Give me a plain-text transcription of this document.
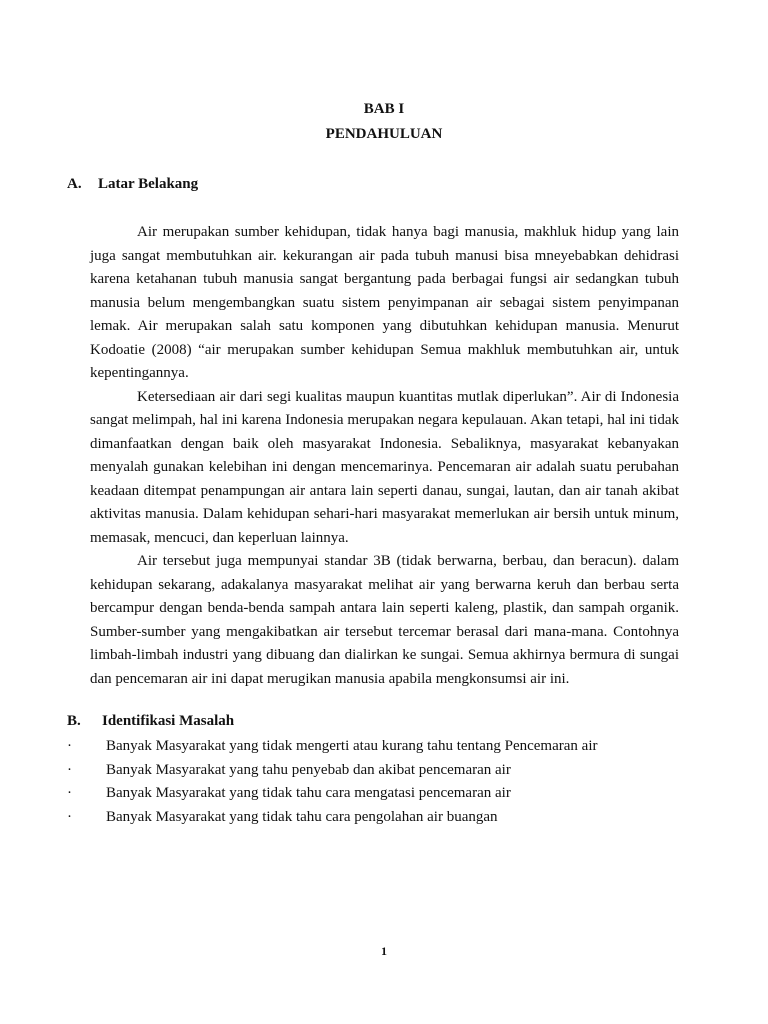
BAB I
PENDAHULUAN
A. Latar Belakang

Air merupakan sumber kehidupan, tidak hanya bagi manusia, makhluk hidup yang lain juga sangat membutuhkan air. kekurangan air pada tubuh manusi bisa mneyebabkan dehidrasi karena ketahanan tubuh manusia sangat bergantung pada berbagai fungsi air sedangkan tubuh manusia belum mengembangkan suatu sistem penyimpanan air sebagai sistem penyimpanan lemak. Air merupakan salah satu komponen yang dibutuhkan kehidupan manusia. Menurut Kodoatie (2008) “air merupakan sumber kehidupan Semua makhluk membutuhkan air, untuk kepentingannya.

Ketersediaan air dari segi kualitas maupun kuantitas mutlak diperlukan”. Air di Indonesia sangat melimpah, hal ini karena Indonesia merupakan negara kepulauan. Akan tetapi, hal ini tidak dimanfaatkan dengan baik oleh masyarakat Indonesia. Sebaliknya, masyarakat kebanyakan menyalah gunakan kelebihan ini dengan mencemarinya. Pencemaran air adalah suatu perubahan keadaan ditempat penampungan air antara lain seperti danau, sungai, lautan, dan air tanah akibat aktivitas manusia. Dalam kehidupan sehari-hari masyarakat memerlukan air bersih untuk minum, memasak, mencuci, dan keperluan lainnya.

Air tersebut juga mempunyai standar 3B (tidak berwarna, berbau, dan beracun). dalam kehidupan sekarang, adakalanya masyarakat melihat air yang berwarna keruh dan berbau serta bercampur dengan benda-benda sampah antara lain seperti kaleng, plastik, dan sampah organik. Sumber-sumber yang mengakibatkan air tersebut tercemar berasal dari mana-mana. Contohnya limbah-limbah industri yang dibuang dan dialirkan ke sungai. Semua akhirnya bermura di sungai dan pencemaran air ini dapat merugikan manusia apabila mengkonsumsi air ini.

B. Identifikasi Masalah
·	Banyak Masyarakat yang tidak mengerti atau kurang tahu tentang Pencemaran air
·	Banyak Masyarakat yang tahu penyebab dan akibat pencemaran air
·	Banyak Masyarakat yang tidak tahu cara mengatasi pencemaran air
·	Banyak Masyarakat yang tidak tahu cara pengolahan air buangan
1
